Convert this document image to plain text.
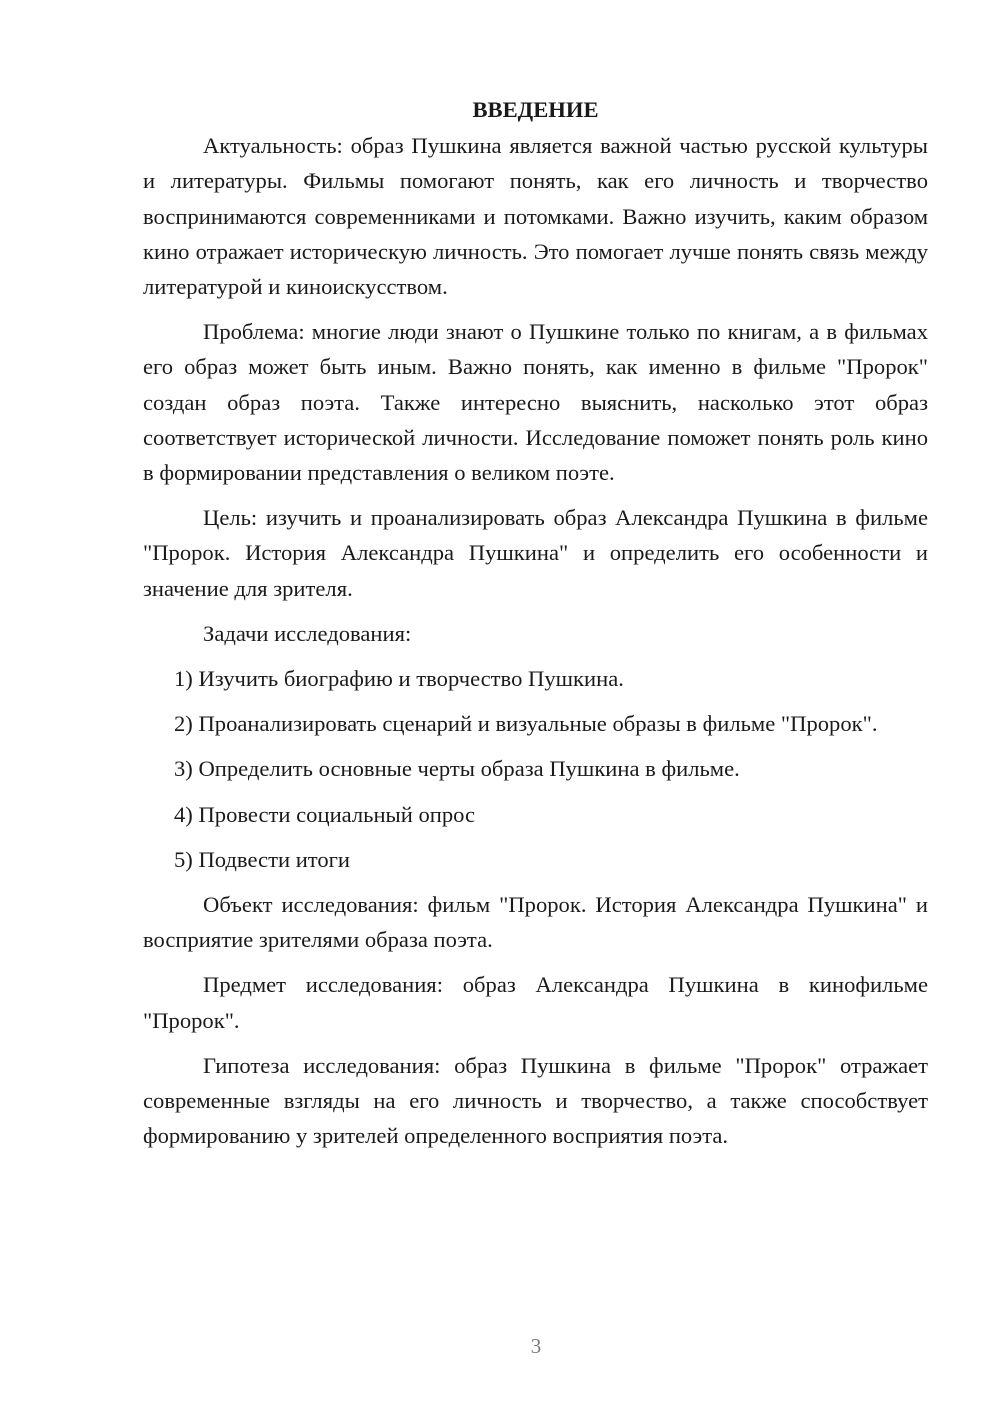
ВВЕДЕНИЕ

Актуальность: образ Пушкина является важной частью русской культуры и литературы. Фильмы помогают понять, как его личность и творчество воспринимаются современниками и потомками. Важно изучить, каким образом кино отражает историческую личность. Это помогает лучше понять связь между литературой и киноискусством.

Проблема: многие люди знают о Пушкине только по книгам, а в фильмах его образ может быть иным. Важно понять, как именно в фильме "Пророк" создан образ поэта. Также интересно выяснить, насколько этот образ соответствует исторической личности. Исследование поможет понять роль кино в формировании представления о великом поэте.

Цель: изучить и проанализировать образ Александра Пушкина в фильме "Пророк. История Александра Пушкина" и определить его особенности и значение для зрителя.

Задачи исследования:

1) Изучить биографию и творчество Пушкина.

2) Проанализировать сценарий и визуальные образы в фильме "Пророк".

3) Определить основные черты образа Пушкина в фильме.

4) Провести социальный опрос

5) Подвести итоги

Объект исследования: фильм "Пророк. История Александра Пушкина" и восприятие зрителями образа поэта.

Предмет исследования: образ Александра Пушкина в кинофильме "Пророк".

Гипотеза исследования: образ Пушкина в фильме "Пророк" отражает современные взгляды на его личность и творчество, а также способствует формированию у зрителей определенного восприятия поэта.

3
